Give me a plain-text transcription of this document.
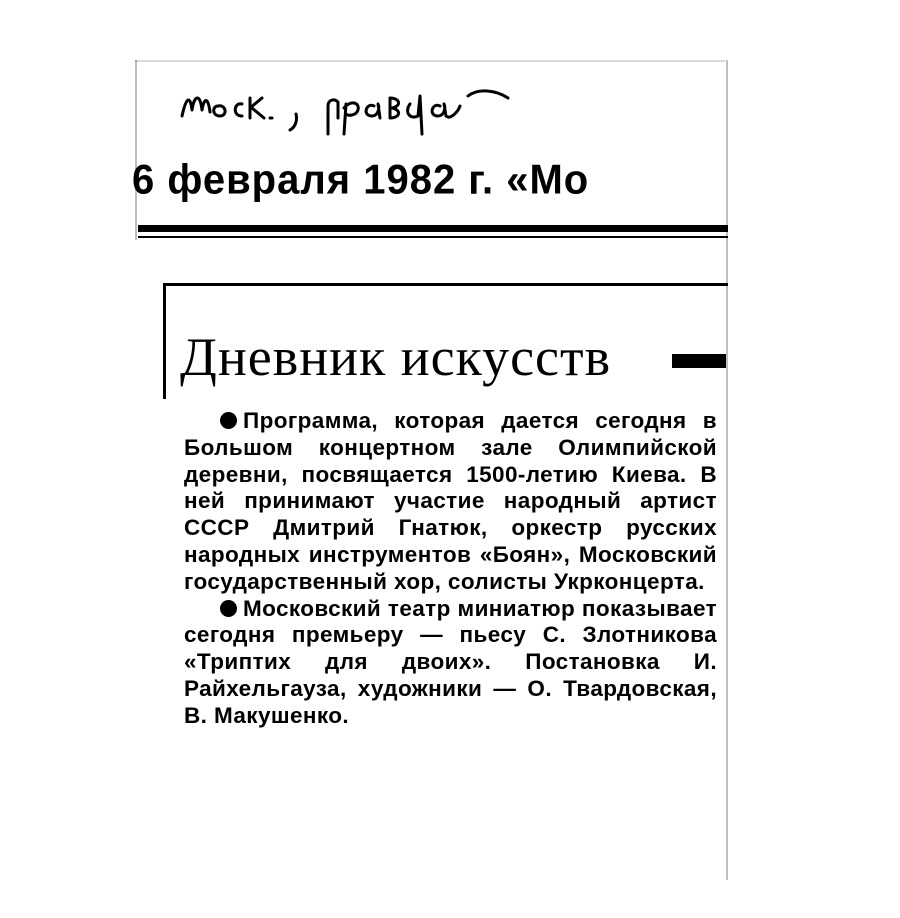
6 февраля 1982 г. «Мо
Дневник искусств

Программа, которая дается сегодня в Большом концертном зале Олимпийской деревни, посвящается 1500-летию Киева. В ней принимают участие народный артист СССР Дмитрий Гнатюк, оркестр русских народных инструментов «Боян», Московский государственный хор, солисты Укрконцерта.

Московский театр миниатюр показывает сегодня премьеру — пьесу С. Злотникова «Триптих для двоих». Постановка И. Райхельгауза, художники — О. Твардовская, В. Макушенко.
